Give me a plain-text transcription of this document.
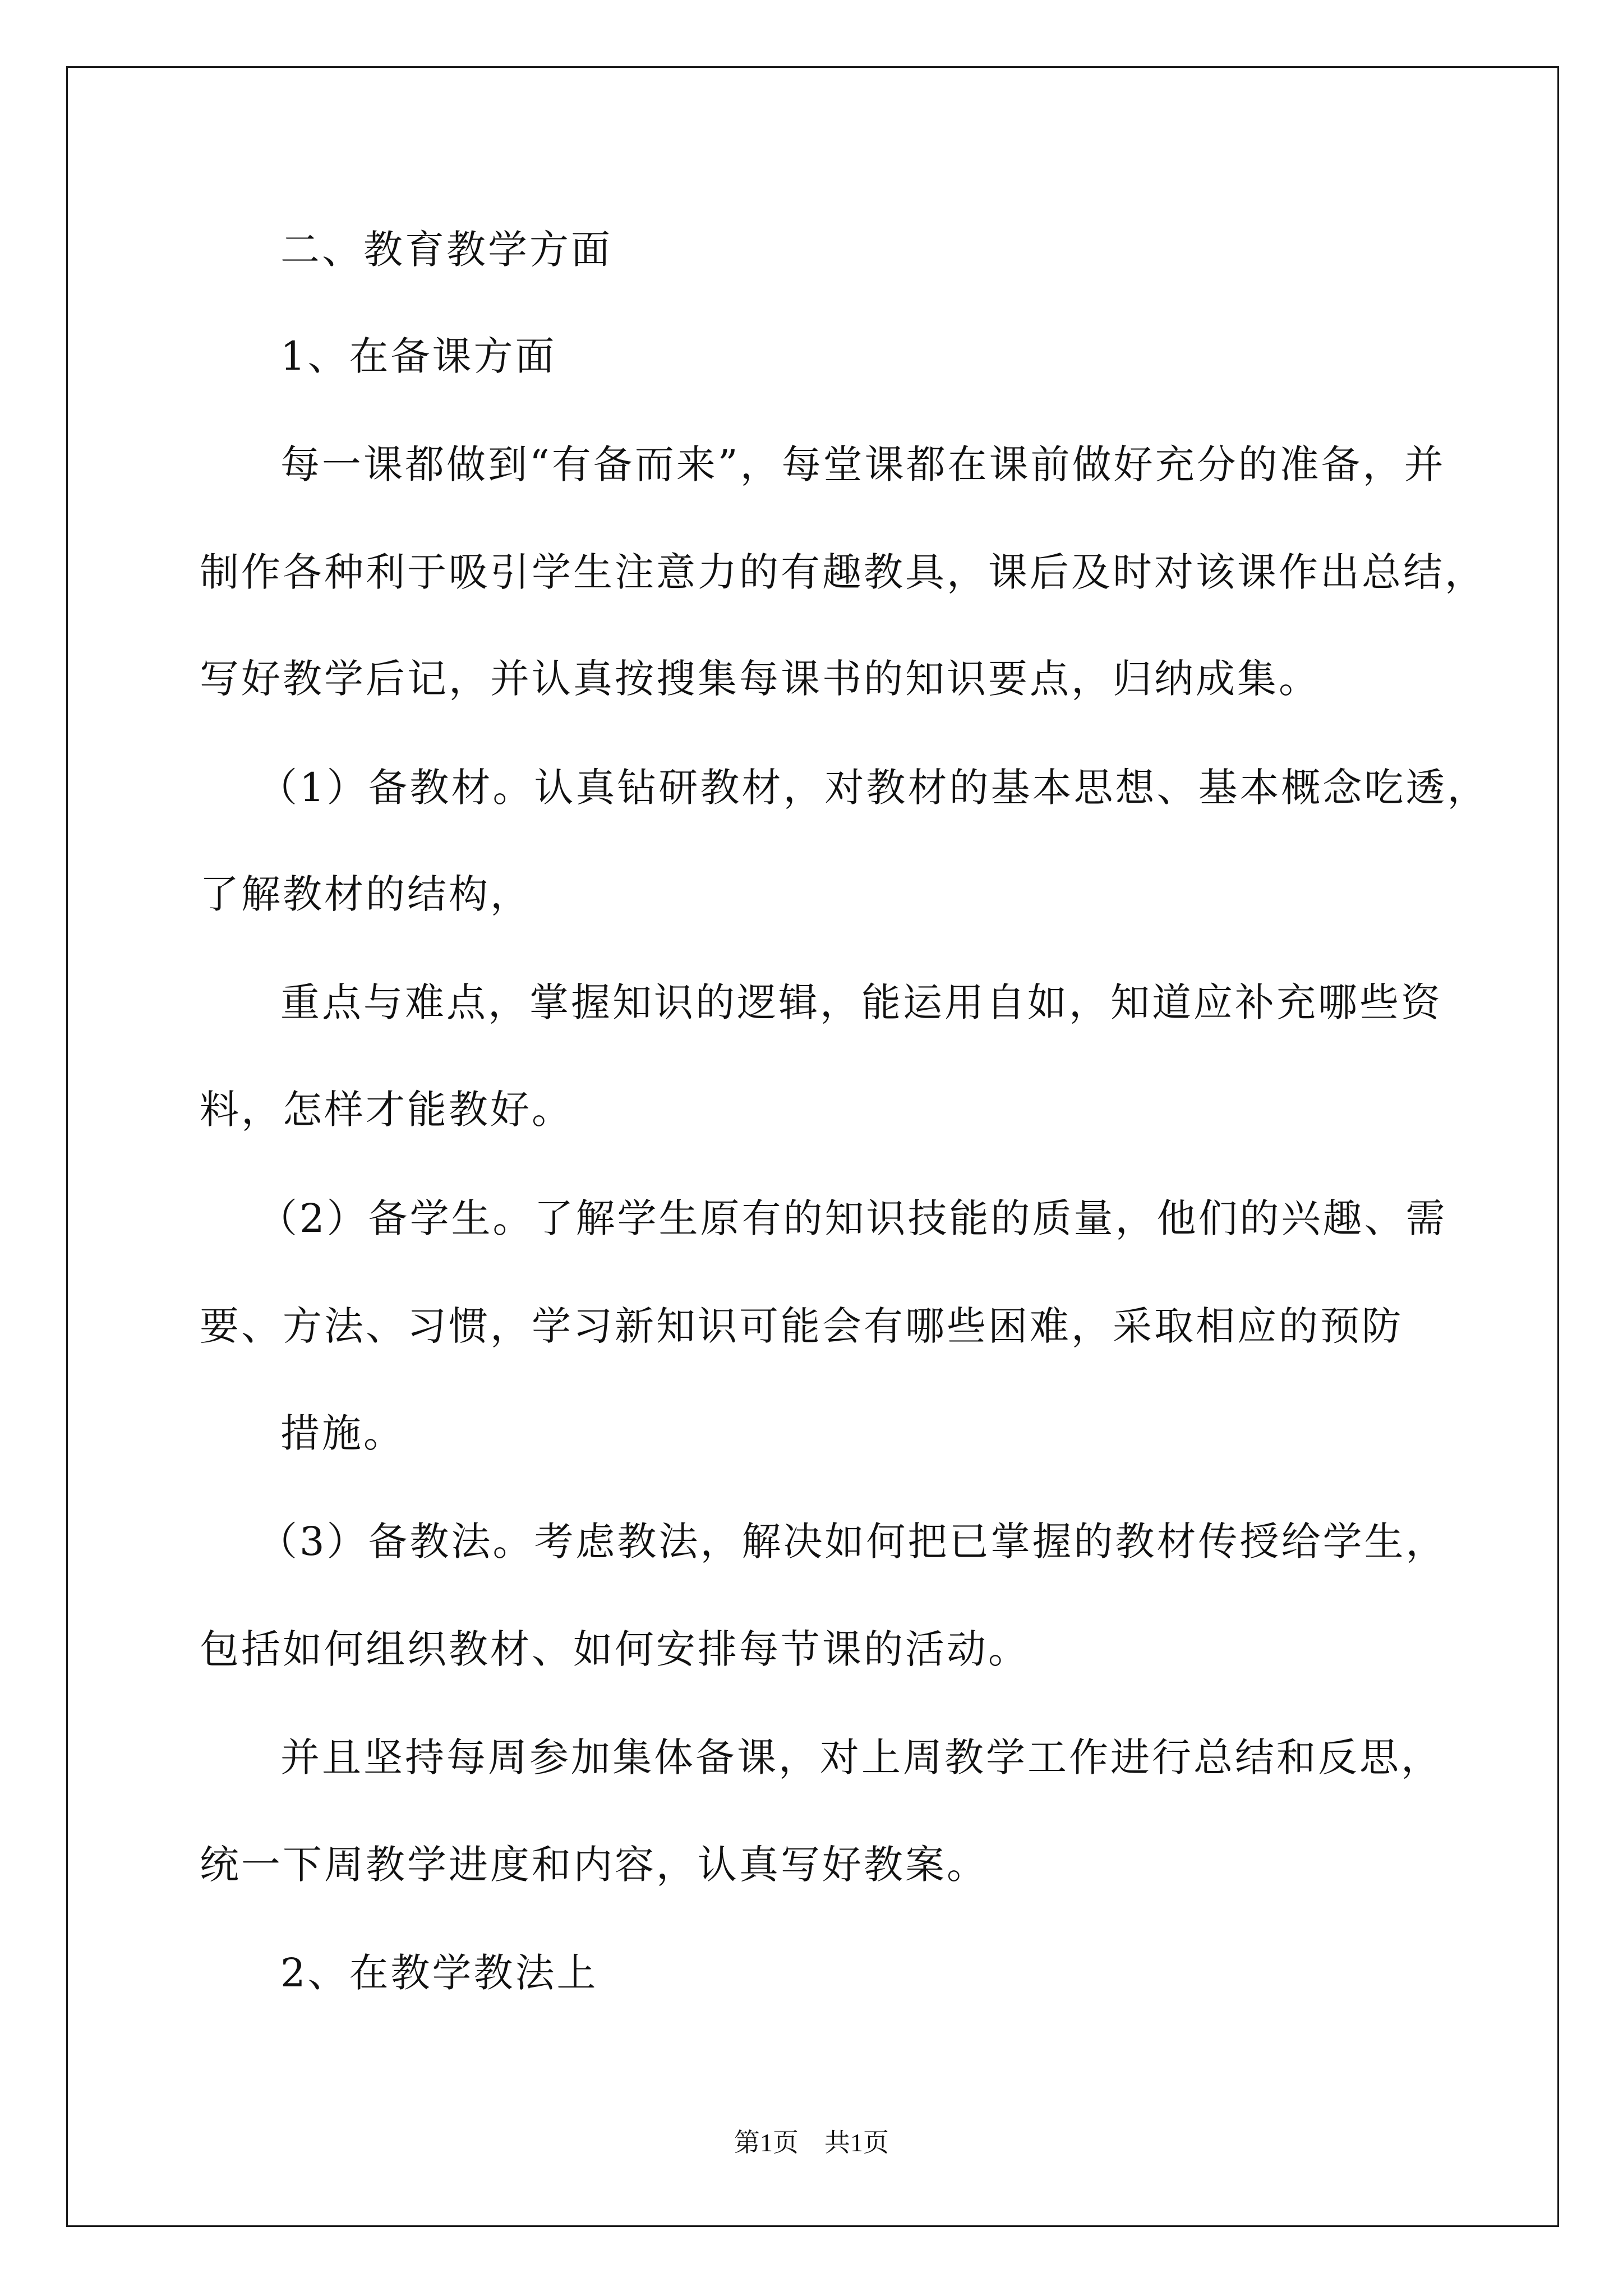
二、教育教学方面
1、在备课方面
每一课都做到“有备而来”，每堂课都在课前做好充分的准备，并
制作各种利于吸引学生注意力的有趣教具，课后及时对该课作出总结，
写好教学后记，并认真按搜集每课书的知识要点，归纳成集。
（1）备教材。认真钻研教材，对教材的基本思想、基本概念吃透，
了解教材的结构，
重点与难点，掌握知识的逻辑，能运用自如，知道应补充哪些资
料，怎样才能教好。
（2）备学生。了解学生原有的知识技能的质量，他们的兴趣、需
要、方法、习惯，学习新知识可能会有哪些困难，采取相应的预防
措施。
（3）备教法。考虑教法，解决如何把已掌握的教材传授给学生，
包括如何组织教材、如何安排每节课的活动。
并且坚持每周参加集体备课，对上周教学工作进行总结和反思，
统一下周教学进度和内容，认真写好教案。
2、在教学教法上
第1页　共1页
